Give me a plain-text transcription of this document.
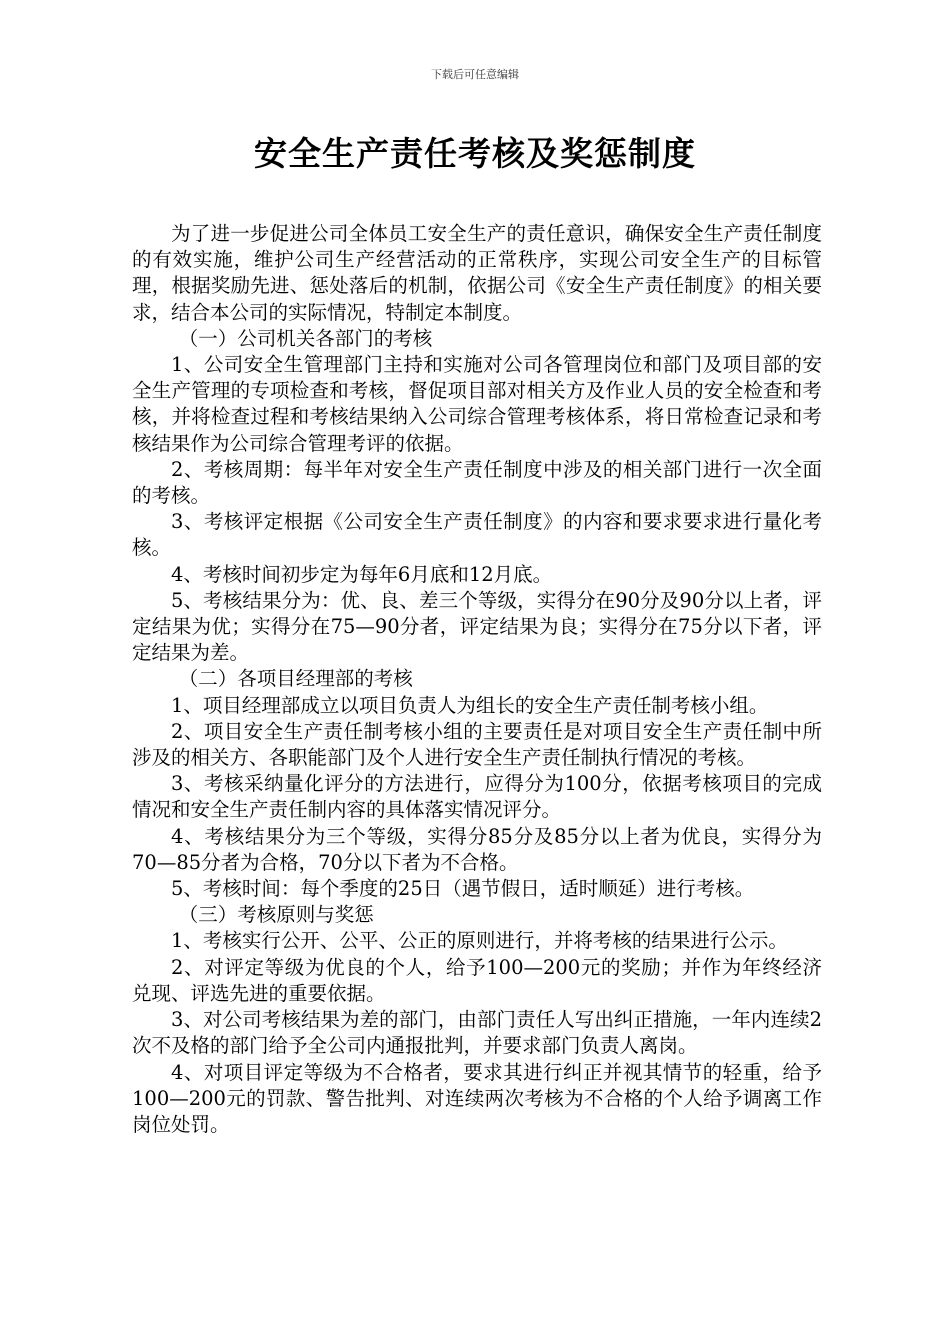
下载后可任意编辑
安全生产责任考核及奖惩制度

为了进一步促进公司全体员工安全生产的责任意识，确保安全生产责任制度的有效实施，维护公司生产经营活动的正常秩序，实现公司安全生产的目标管理，根据奖励先进、惩处落后的机制，依据公司《安全生产责任制度》的相关要求，结合本公司的实际情况，特制定本制度。

（一）公司机关各部门的考核

1、公司安全生管理部门主持和实施对公司各管理岗位和部门及项目部的安全生产管理的专项检查和考核，督促项目部对相关方及作业人员的安全检查和考核，并将检查过程和考核结果纳入公司综合管理考核体系，将日常检查记录和考核结果作为公司综合管理考评的依据。

2、考核周期：每半年对安全生产责任制度中涉及的相关部门进行一次全面的考核。

3、考核评定根据《公司安全生产责任制度》的内容和要求要求进行量化考核。

4、考核时间初步定为每年6月底和12月底。

5、考核结果分为：优、良、差三个等级，实得分在90分及90分以上者，评定结果为优；实得分在75—90分者，评定结果为良；实得分在75分以下者，评定结果为差。

（二）各项目经理部的考核

1、项目经理部成立以项目负责人为组长的安全生产责任制考核小组。

2、项目安全生产责任制考核小组的主要责任是对项目安全生产责任制中所涉及的相关方、各职能部门及个人进行安全生产责任制执行情况的考核。

3、考核采纳量化评分的方法进行，应得分为100分，依据考核项目的完成情况和安全生产责任制内容的具体落实情况评分。

4、考核结果分为三个等级，实得分85分及85分以上者为优良，实得分为70—85分者为合格，70分以下者为不合格。

5、考核时间：每个季度的25日（遇节假日，适时顺延）进行考核。

（三）考核原则与奖惩

1、考核实行公开、公平、公正的原则进行，并将考核的结果进行公示。

2、对评定等级为优良的个人，给予100—200元的奖励；并作为年终经济兑现、评选先进的重要依据。

3、对公司考核结果为差的部门，由部门责任人写出纠正措施，一年内连续2次不及格的部门给予全公司内通报批判，并要求部门负责人离岗。

4、对项目评定等级为不合格者，要求其进行纠正并视其情节的轻重，给予100—200元的罚款、警告批判、对连续两次考核为不合格的个人给予调离工作岗位处罚。
